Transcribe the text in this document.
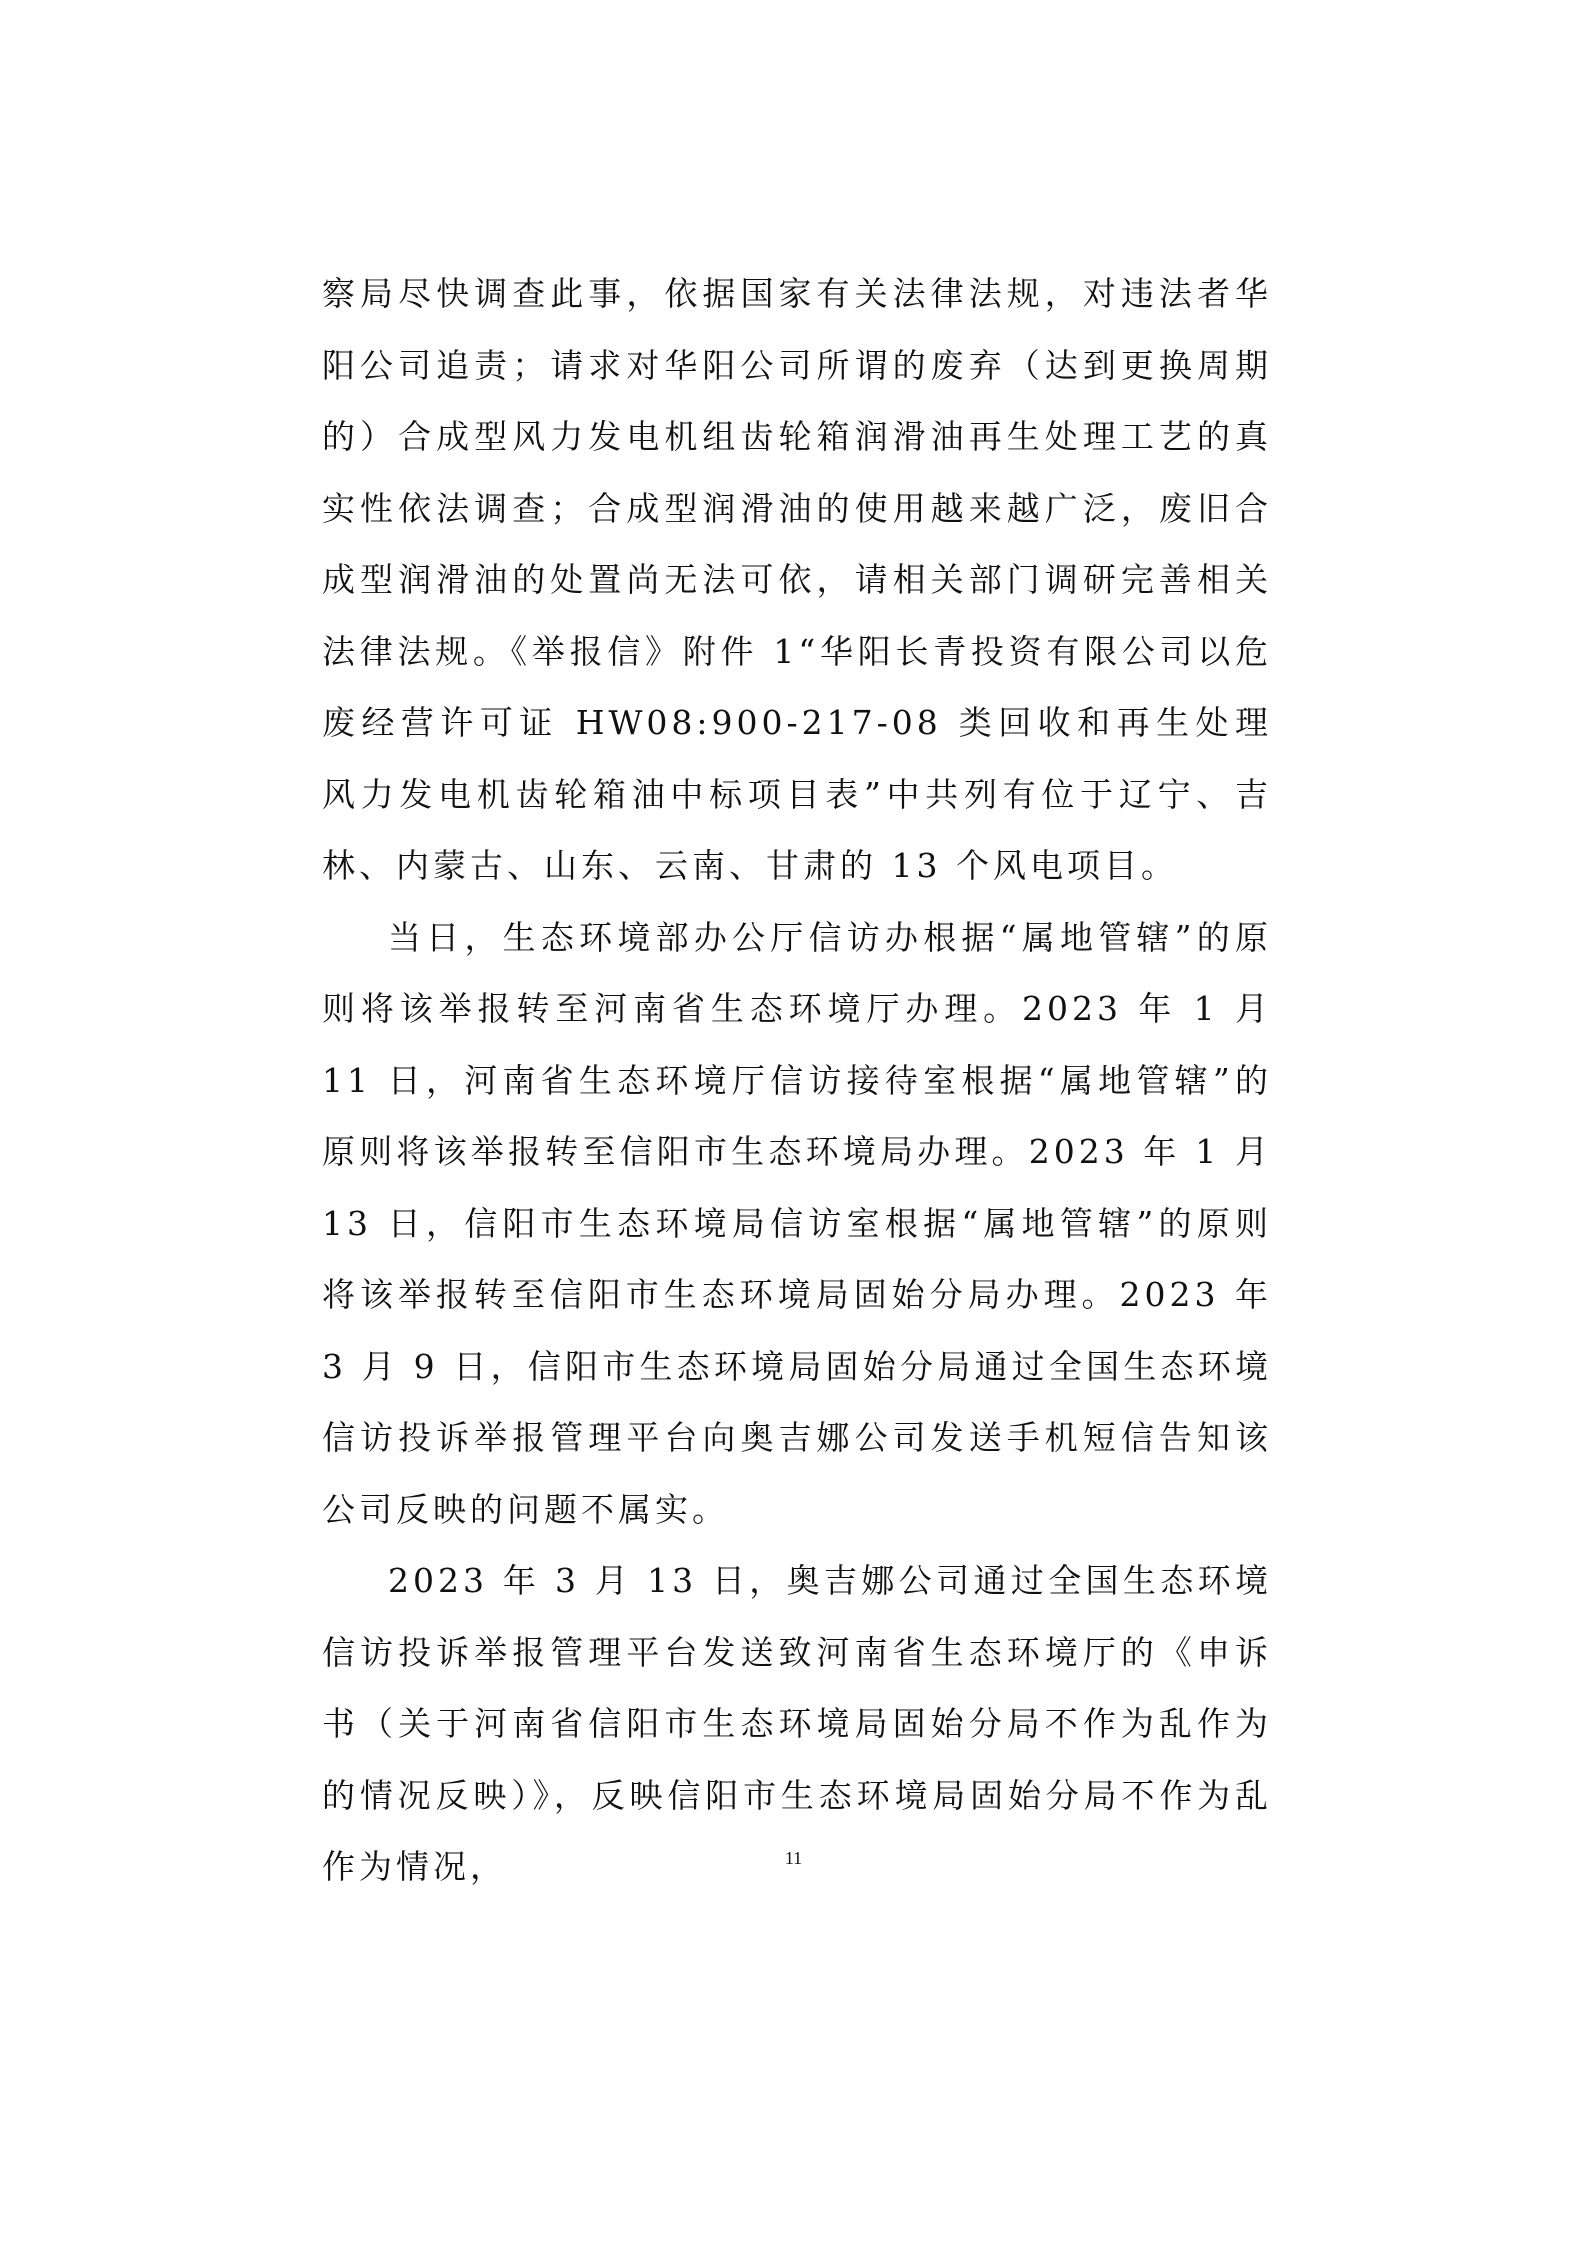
察局尽快调查此事，依据国家有关法律法规，对违法者华阳公司追责；请求对华阳公司所谓的废弃（达到更换周期的）合成型风力发电机组齿轮箱润滑油再生处理工艺的真实性依法调查；合成型润滑油的使用越来越广泛，废旧合成型润滑油的处置尚无法可依，请相关部门调研完善相关法律法规。《举报信》附件 1“华阳长青投资有限公司以危废经营许可证 HW08:900-217-08 类回收和再生处理风力发电机齿轮箱油中标项目表”中共列有位于辽宁、吉林、内蒙古、山东、云南、甘肃的 13 个风电项目。

当日，生态环境部办公厅信访办根据“属地管辖”的原则将该举报转至河南省生态环境厅办理。2023 年 1 月 11 日，河南省生态环境厅信访接待室根据“属地管辖”的原则将该举报转至信阳市生态环境局办理。2023 年 1 月 13 日，信阳市生态环境局信访室根据“属地管辖”的原则将该举报转至信阳市生态环境局固始分局办理。2023 年 3 月 9 日，信阳市生态环境局固始分局通过全国生态环境信访投诉举报管理平台向奥吉娜公司发送手机短信告知该公司反映的问题不属实。

2023 年 3 月 13 日，奥吉娜公司通过全国生态环境信访投诉举报管理平台发送致河南省生态环境厅的《申诉书（关于河南省信阳市生态环境局固始分局不作为乱作为的情况反映）》，反映信阳市生态环境局固始分局不作为乱作为情况，	11
